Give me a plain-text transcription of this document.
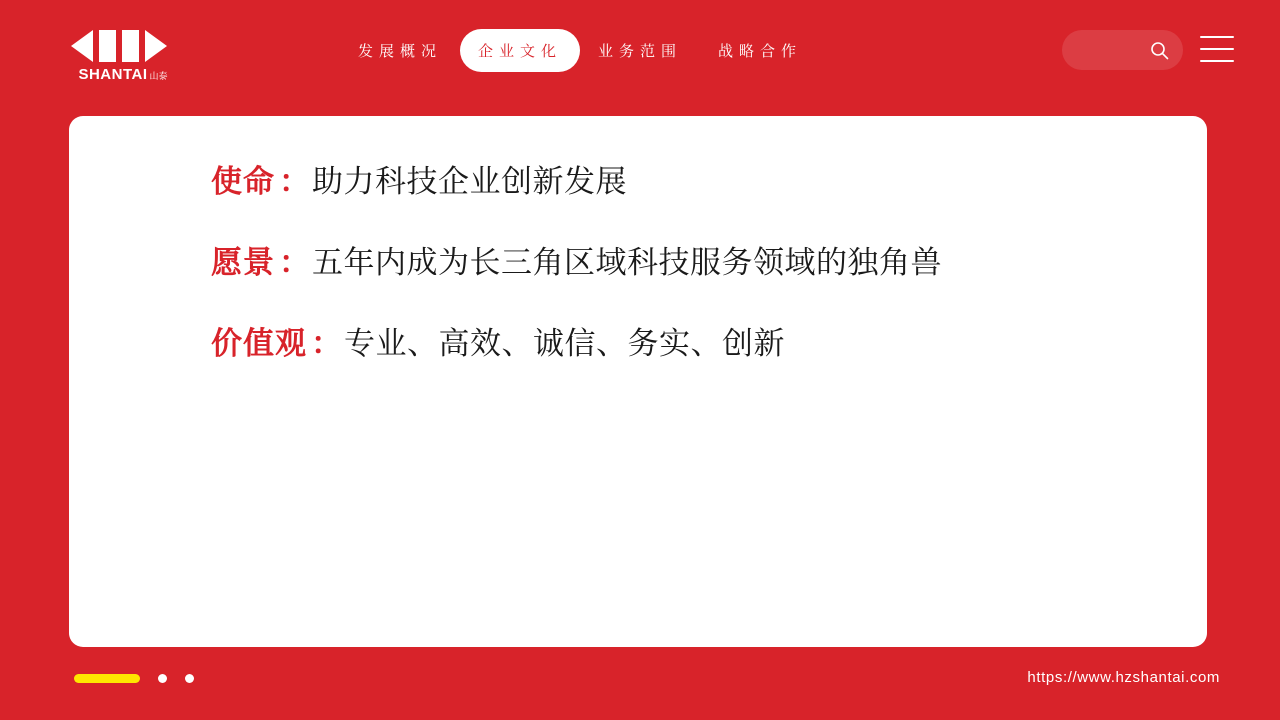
SHANTAI 山泰
发展概况	企业文化	业务范围	战略合作
使命 ： 助力科技企业创新发展
愿景 ： 五年内成为长三角区域科技服务领域的独角兽
价值观 ： 专业、高效、诚信、务实、创新
https://www.hzshantai.com
